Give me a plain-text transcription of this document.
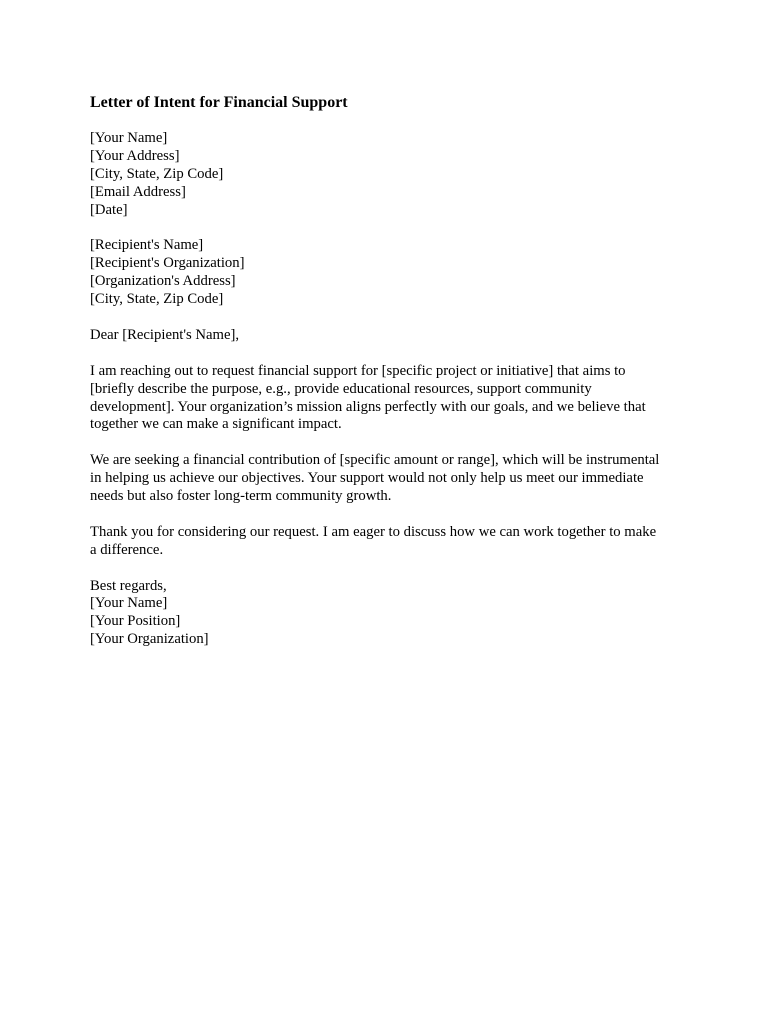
Letter of Intent for Financial Support
[Your Name]
[Your Address]
[City, State, Zip Code]
[Email Address]
[Date]
[Recipient's Name]
[Recipient's Organization]
[Organization's Address]
[City, State, Zip Code]
Dear [Recipient's Name],
I am reaching out to request financial support for [specific project or initiative] that aims to
[briefly describe the purpose, e.g., provide educational resources, support community
development]. Your organization’s mission aligns perfectly with our goals, and we believe that
together we can make a significant impact.
We are seeking a financial contribution of [specific amount or range], which will be instrumental
in helping us achieve our objectives. Your support would not only help us meet our immediate
needs but also foster long-term community growth.
Thank you for considering our request. I am eager to discuss how we can work together to make
a difference.
Best regards,
[Your Name]
[Your Position]
[Your Organization]
